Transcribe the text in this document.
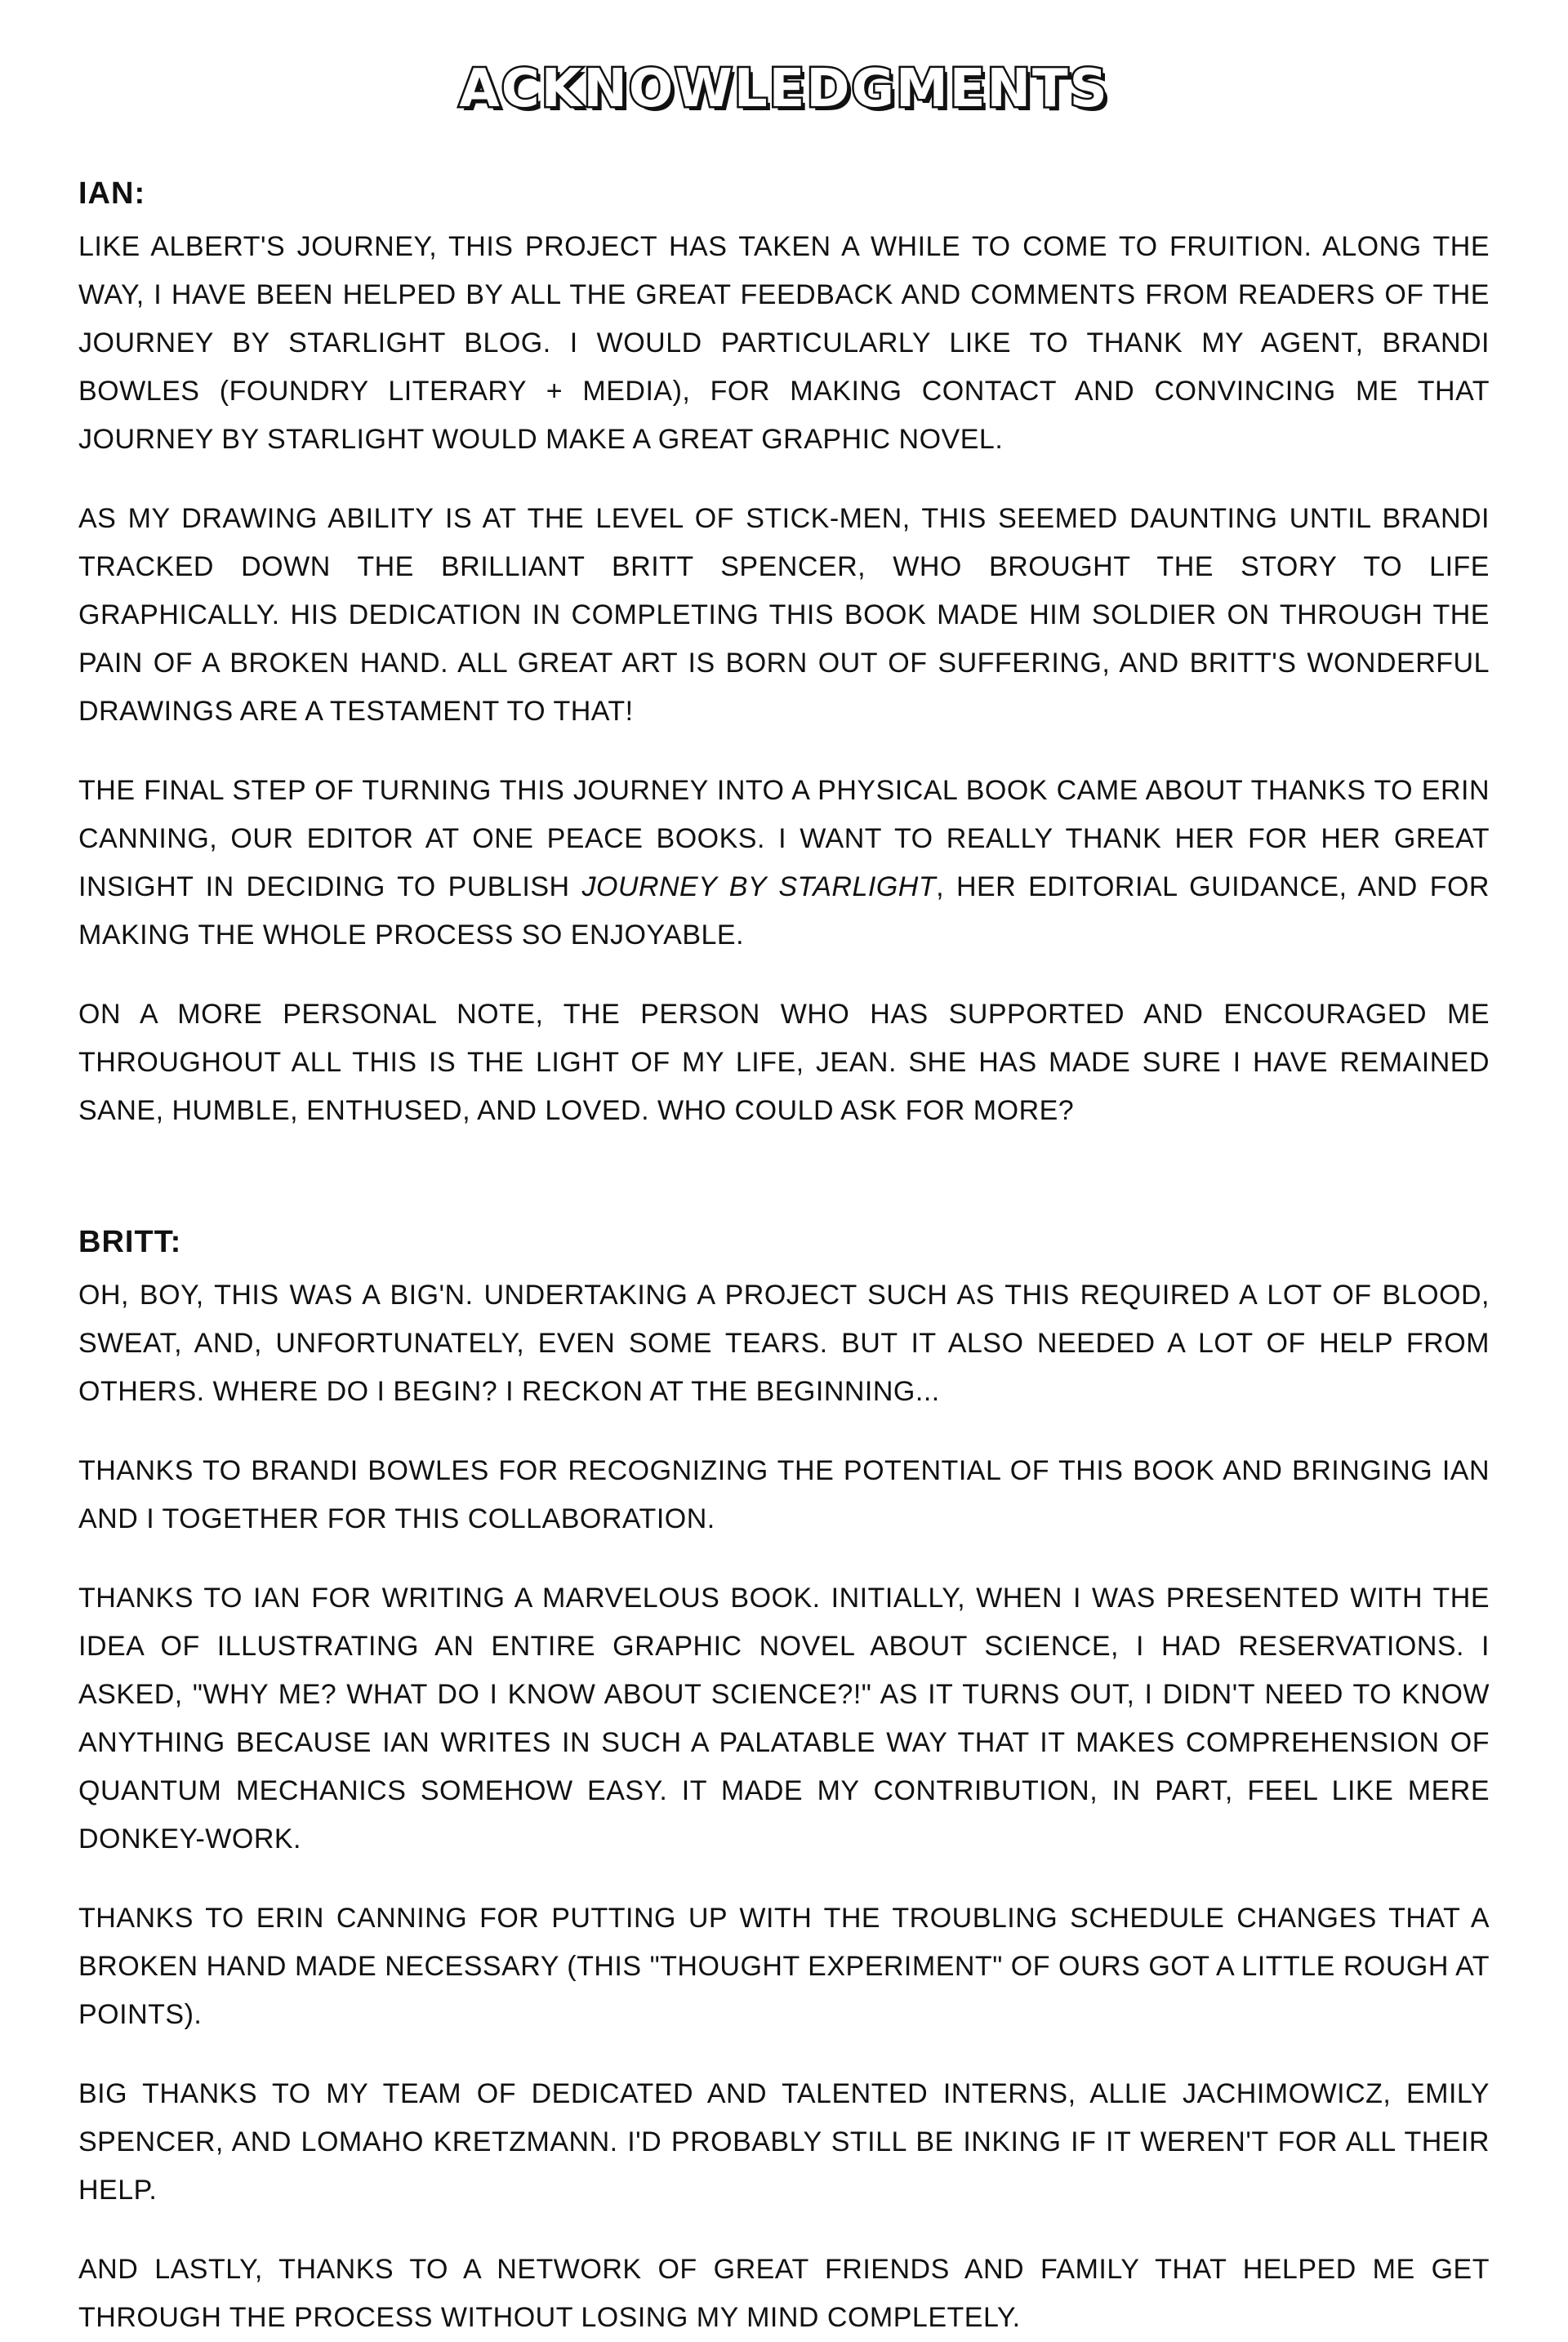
ACKNOWLEDGMENTS
IAN:

LIKE ALBERT'S JOURNEY, THIS PROJECT HAS TAKEN A WHILE TO COME TO FRUITION. ALONG THE WAY, I HAVE BEEN HELPED BY ALL THE GREAT FEEDBACK AND COMMENTS FROM READERS OF THE JOURNEY BY STARLIGHT BLOG. I WOULD PARTICULARLY LIKE TO THANK MY AGENT, BRANDI BOWLES (FOUNDRY LITERARY + MEDIA), FOR MAKING CONTACT AND CONVINCING ME THAT JOURNEY BY STARLIGHT WOULD MAKE A GREAT GRAPHIC NOVEL.

AS MY DRAWING ABILITY IS AT THE LEVEL OF STICK-MEN, THIS SEEMED DAUNTING UNTIL BRANDI TRACKED DOWN THE BRILLIANT BRITT SPENCER, WHO BROUGHT THE STORY TO LIFE GRAPHICALLY. HIS DEDICATION IN COMPLETING THIS BOOK MADE HIM SOLDIER ON THROUGH THE PAIN OF A BROKEN HAND. ALL GREAT ART IS BORN OUT OF SUFFERING, AND BRITT'S WONDERFUL DRAWINGS ARE A TESTAMENT TO THAT!

THE FINAL STEP OF TURNING THIS JOURNEY INTO A PHYSICAL BOOK CAME ABOUT THANKS TO ERIN CANNING, OUR EDITOR AT ONE PEACE BOOKS. I WANT TO REALLY THANK HER FOR HER GREAT INSIGHT IN DECIDING TO PUBLISH JOURNEY BY STARLIGHT, HER EDITORIAL GUIDANCE, AND FOR MAKING THE WHOLE PROCESS SO ENJOYABLE.

ON A MORE PERSONAL NOTE, THE PERSON WHO HAS SUPPORTED AND ENCOURAGED ME THROUGHOUT ALL THIS IS THE LIGHT OF MY LIFE, JEAN. SHE HAS MADE SURE I HAVE REMAINED SANE, HUMBLE, ENTHUSED, AND LOVED. WHO COULD ASK FOR MORE?

BRITT:

OH, BOY, THIS WAS A BIG'N. UNDERTAKING A PROJECT SUCH AS THIS REQUIRED A LOT OF BLOOD, SWEAT, AND, UNFORTUNATELY, EVEN SOME TEARS. BUT IT ALSO NEEDED A LOT OF HELP FROM OTHERS. WHERE DO I BEGIN? I RECKON AT THE BEGINNING...

THANKS TO BRANDI BOWLES FOR RECOGNIZING THE POTENTIAL OF THIS BOOK AND BRINGING IAN AND I TOGETHER FOR THIS COLLABORATION.

THANKS TO IAN FOR WRITING A MARVELOUS BOOK. INITIALLY, WHEN I WAS PRESENTED WITH THE IDEA OF ILLUSTRATING AN ENTIRE GRAPHIC NOVEL ABOUT SCIENCE, I HAD RESERVATIONS. I ASKED, "WHY ME? WHAT DO I KNOW ABOUT SCIENCE?!" AS IT TURNS OUT, I DIDN'T NEED TO KNOW ANYTHING BECAUSE IAN WRITES IN SUCH A PALATABLE WAY THAT IT MAKES COMPREHENSION OF QUANTUM MECHANICS SOMEHOW EASY. IT MADE MY CONTRIBUTION, IN PART, FEEL LIKE MERE DONKEY-WORK.

THANKS TO ERIN CANNING FOR PUTTING UP WITH THE TROUBLING SCHEDULE CHANGES THAT A BROKEN HAND MADE NECESSARY (THIS "THOUGHT EXPERIMENT" OF OURS GOT A LITTLE ROUGH AT POINTS).

BIG THANKS TO MY TEAM OF DEDICATED AND TALENTED INTERNS, ALLIE JACHIMOWICZ, EMILY SPENCER, AND LOMAHO KRETZMANN. I'D PROBABLY STILL BE INKING IF IT WEREN'T FOR ALL THEIR HELP.

AND LASTLY, THANKS TO A NETWORK OF GREAT FRIENDS AND FAMILY THAT HELPED ME GET THROUGH THE PROCESS WITHOUT LOSING MY MIND COMPLETELY.
